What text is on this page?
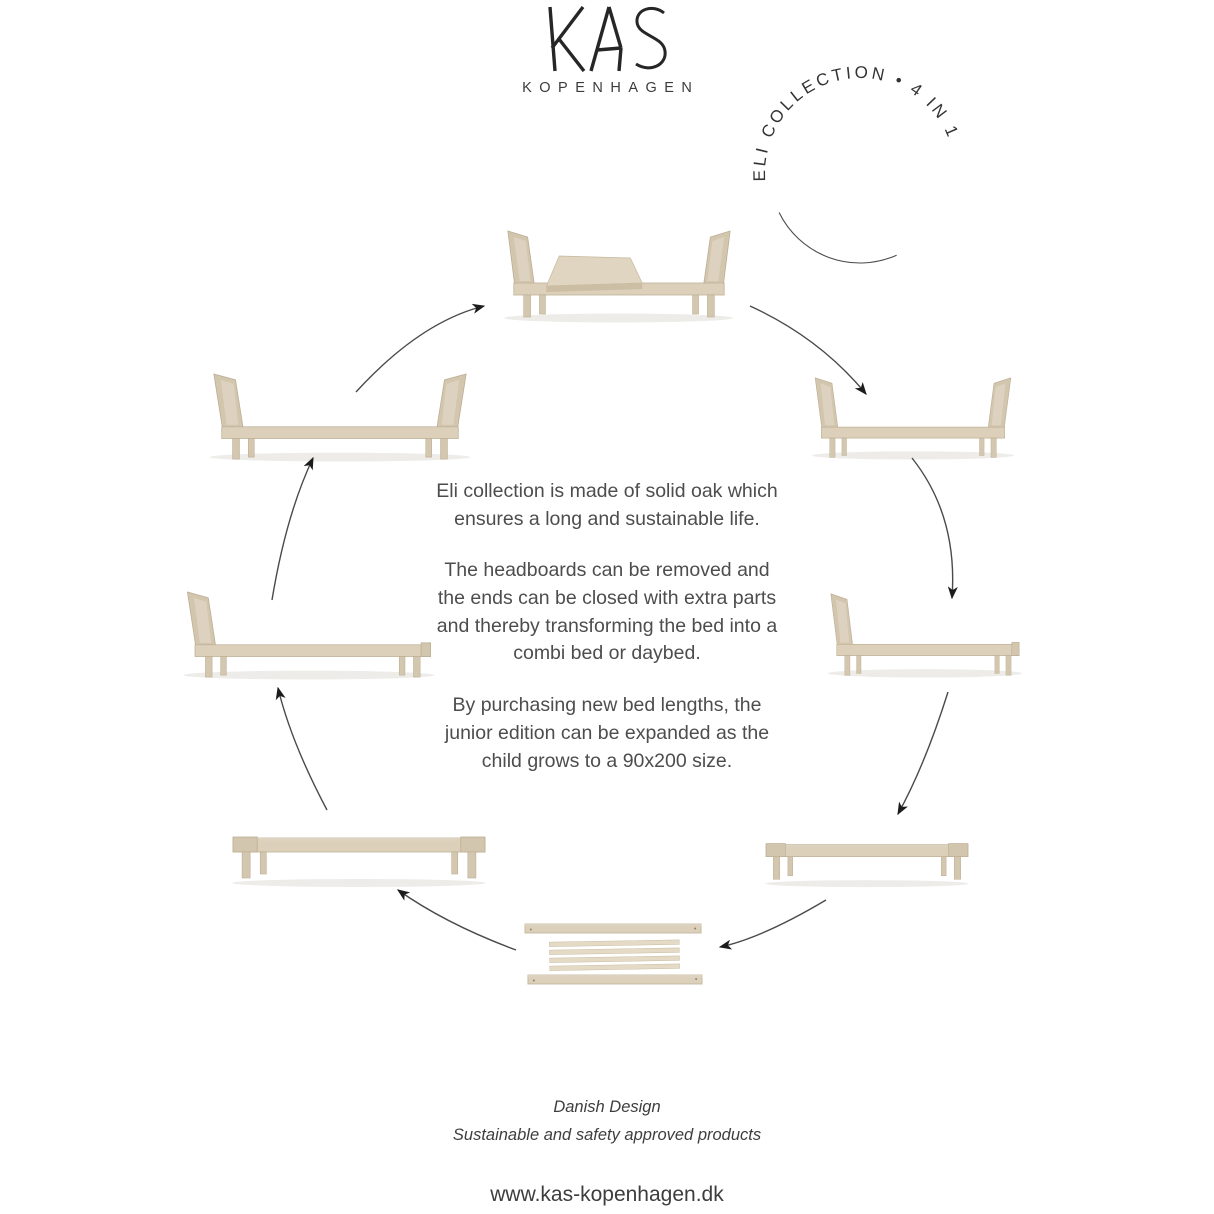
KOPENHAGEN
ELI COLLECTION • 4 IN 1

Eli collection is made of solid oak which ensures a long and sustainable life.

The headboards can be removed and the ends can be closed with extra parts and thereby transforming the bed into a combi bed or daybed.

By purchasing new bed lengths, the junior edition can be expanded as the child grows to a 90x200 size.

Danish Design
Sustainable and safety approved products
www.kas-kopenhagen.dk
